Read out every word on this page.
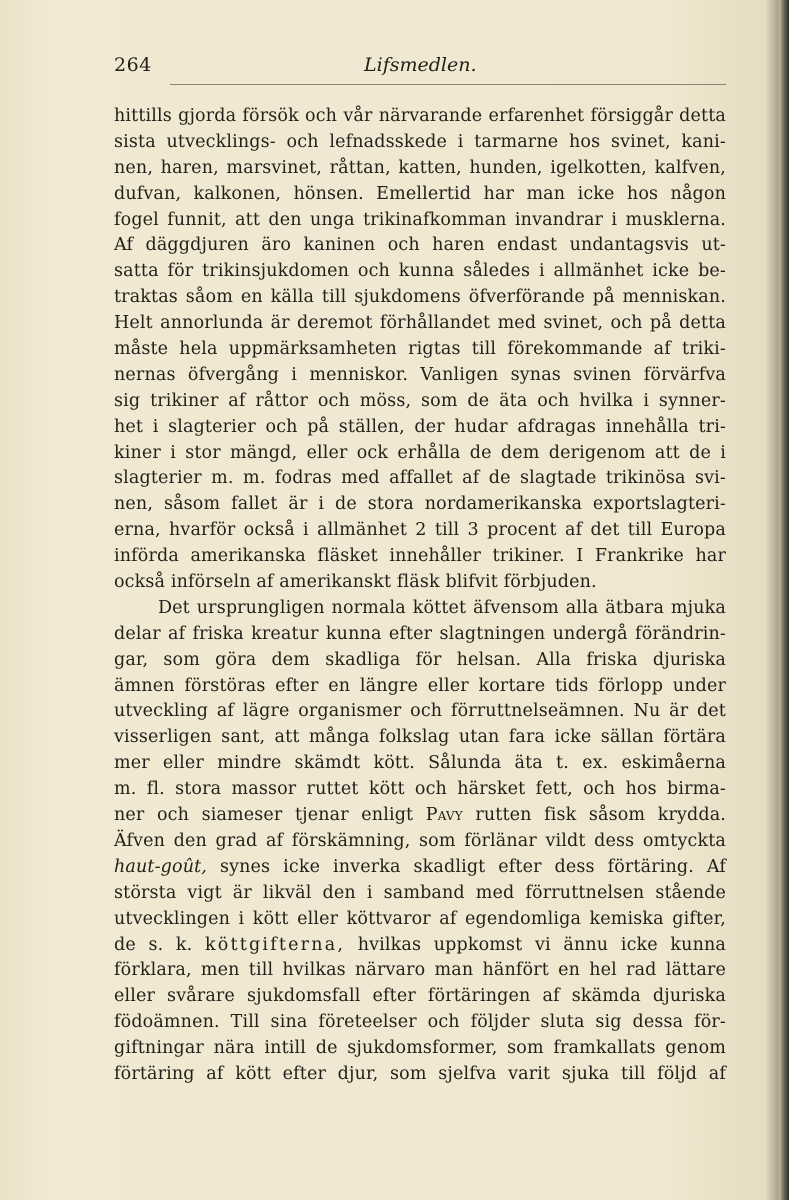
264	Lifsmedlen.
hittills gjorda försök och vår närvarande erfarenhet försiggår detta
sista utvecklings- och lefnadsskede i tarmarne hos svinet, kani-
nen, haren, marsvinet, råttan, katten, hunden, igelkotten, kalfven,
dufvan, kalkonen, hönsen. Emellertid har man icke hos någon
fogel funnit, att den unga trikinafkomman invandrar i musklerna.
Af däggdjuren äro kaninen och haren endast undantagsvis ut-
satta för trikinsjukdomen och kunna således i allmänhet icke be-
traktas såom en källa till sjukdomens öfverförande på menniskan.
Helt annorlunda är deremot förhållandet med svinet, och på detta
måste hela uppmärksamheten rigtas till förekommande af triki-
nernas öfvergång i menniskor. Vanligen synas svinen förvärfva
sig trikiner af råttor och möss, som de äta och hvilka i synner-
het i slagterier och på ställen, der hudar afdragas innehålla tri-
kiner i stor mängd, eller ock erhålla de dem derigenom att de i
slagterier m. m. fodras med affallet af de slagtade trikinösa svi-
nen, såsom fallet är i de stora nordamerikanska exportslagteri-
erna, hvarför också i allmänhet 2 till 3 procent af det till Europa
införda amerikanska fläsket innehåller trikiner. I Frankrike har
också införseln af amerikanskt fläsk blifvit förbjuden.
Det ursprungligen normala köttet äfvensom alla ätbara mjuka
delar af friska kreatur kunna efter slagtningen undergå förändrin-
gar, som göra dem skadliga för helsan. Alla friska djuriska
ämnen förstöras efter en längre eller kortare tids förlopp under
utveckling af lägre organismer och förruttnelseämnen. Nu är det
visserligen sant, att många folkslag utan fara icke sällan förtära
mer eller mindre skämdt kött. Sålunda äta t. ex. eskimåerna
m. fl. stora massor ruttet kött och härsket fett, och hos birma-
ner och siameser tjenar enligt Pavy rutten fisk såsom krydda.
Äfven den grad af förskämning, som förlänar vildt dess omtyckta
haut-goût, synes icke inverka skadligt efter dess förtäring. Af
största vigt är likväl den i samband med förruttnelsen stående
utvecklingen i kött eller köttvaror af egendomliga kemiska gifter,
de s. k. köttgifterna, hvilkas uppkomst vi ännu icke kunna
förklara, men till hvilkas närvaro man hänfört en hel rad lättare
eller svårare sjukdomsfall efter förtäringen af skämda djuriska
födoämnen. Till sina företeelser och följder sluta sig dessa för-
giftningar nära intill de sjukdomsformer, som framkallats genom
förtäring af kött efter djur, som sjelfva varit sjuka till följd af
